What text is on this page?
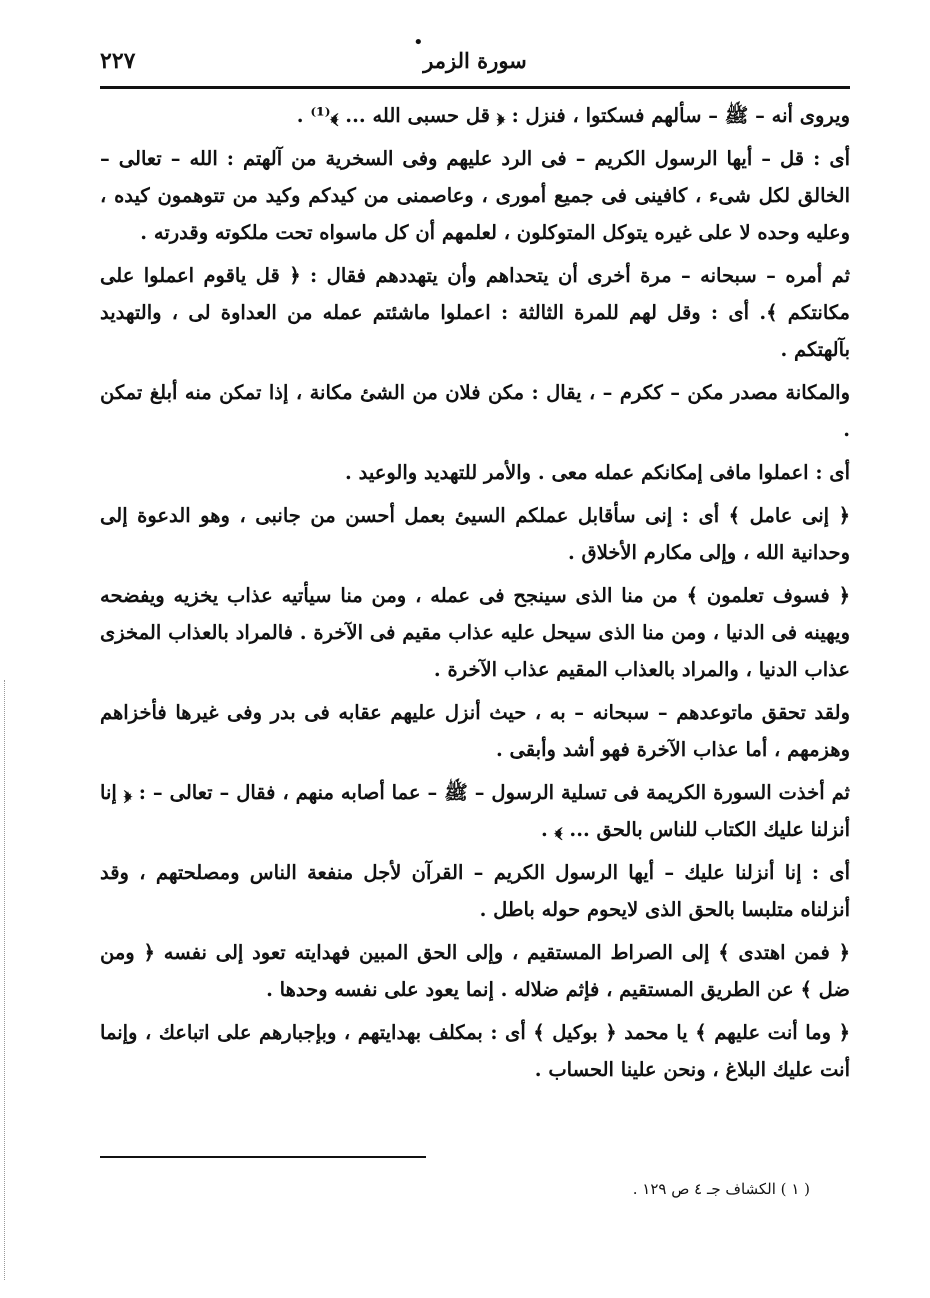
•
٢٢٧	سورة الزمر

ويروى أنه – ﷺ – سألهم فسكتوا ، فنزل : ﴿ قل حسبى الله ... ﴾⁽¹⁾ .

أى : قل – أيها الرسول الكريم – فى الرد عليهم وفى السخرية من آلهتم : الله – تعالى – الخالق لكل شىء ، كافينى فى جميع أمورى ، وعاصمنى من كيدكم وكيد من تتوهمون كيده ، وعليه وحده لا على غيره يتوكل المتوكلون ، لعلمهم أن كل ماسواه تحت ملكوته وقدرته .

ثم أمره – سبحانه – مرة أخرى أن يتحداهم وأن يتهددهم فقال : ﴿ قل ياقوم اعملوا على مكانتكم ﴾. أى : وقل لهم للمرة الثالثة : اعملوا ماشئتم عمله من العداوة لى ، والتهديد بآلهتكم .

والمكانة مصدر مكن – ككرم – ، يقال : مكن فلان من الشئ مكانة ، إذا تمكن منه أبلغ تمكن .

أى : اعملوا مافى إمكانكم عمله معى . والأمر للتهديد والوعيد .

﴿ إنى عامل ﴾ أى : إنى سأقابل عملكم السيئ بعمل أحسن من جانبى ، وهو الدعوة إلى وحدانية الله ، وإلى مكارم الأخلاق .

﴿ فسوف تعلمون ﴾ من منا الذى سينجح فى عمله ، ومن منا سيأتيه عذاب يخزيه ويفضحه ويهينه فى الدنيا ، ومن منا الذى سيحل عليه عذاب مقيم فى الآخرة . فالمراد بالعذاب المخزى عذاب الدنيا ، والمراد بالعذاب المقيم عذاب الآخرة .

ولقد تحقق ماتوعدهم – سبحانه – به ، حيث أنزل عليهم عقابه فى بدر وفى غيرها فأخزاهم وهزمهم ، أما عذاب الآخرة فهو أشد وأبقى .

ثم أخذت السورة الكريمة فى تسلية الرسول – ﷺ – عما أصابه منهم ، فقال – تعالى – : ﴿ إنا أنزلنا عليك الكتاب للناس بالحق ... ﴾ .

أى : إنا أنزلنا عليك – أيها الرسول الكريم – القرآن لأجل منفعة الناس ومصلحتهم ، وقد أنزلناه متلبسا بالحق الذى لايحوم حوله باطل .

﴿ فمن اهتدى ﴾ إلى الصراط المستقيم ، وإلى الحق المبين فهدايته تعود إلى نفسه ﴿ ومن ضل ﴾ عن الطريق المستقيم ، فإثم ضلاله . إنما يعود على نفسه وحدها .

﴿ وما أنت عليهم ﴾ يا محمد ﴿ بوكيل ﴾ أى : بمكلف بهدايتهم ، وبإجبارهم على اتباعك ، وإنما أنت عليك البلاغ ، ونحن علينا الحساب .

( ١ ) الكشاف جـ ٤ ص ١٢٩ .
